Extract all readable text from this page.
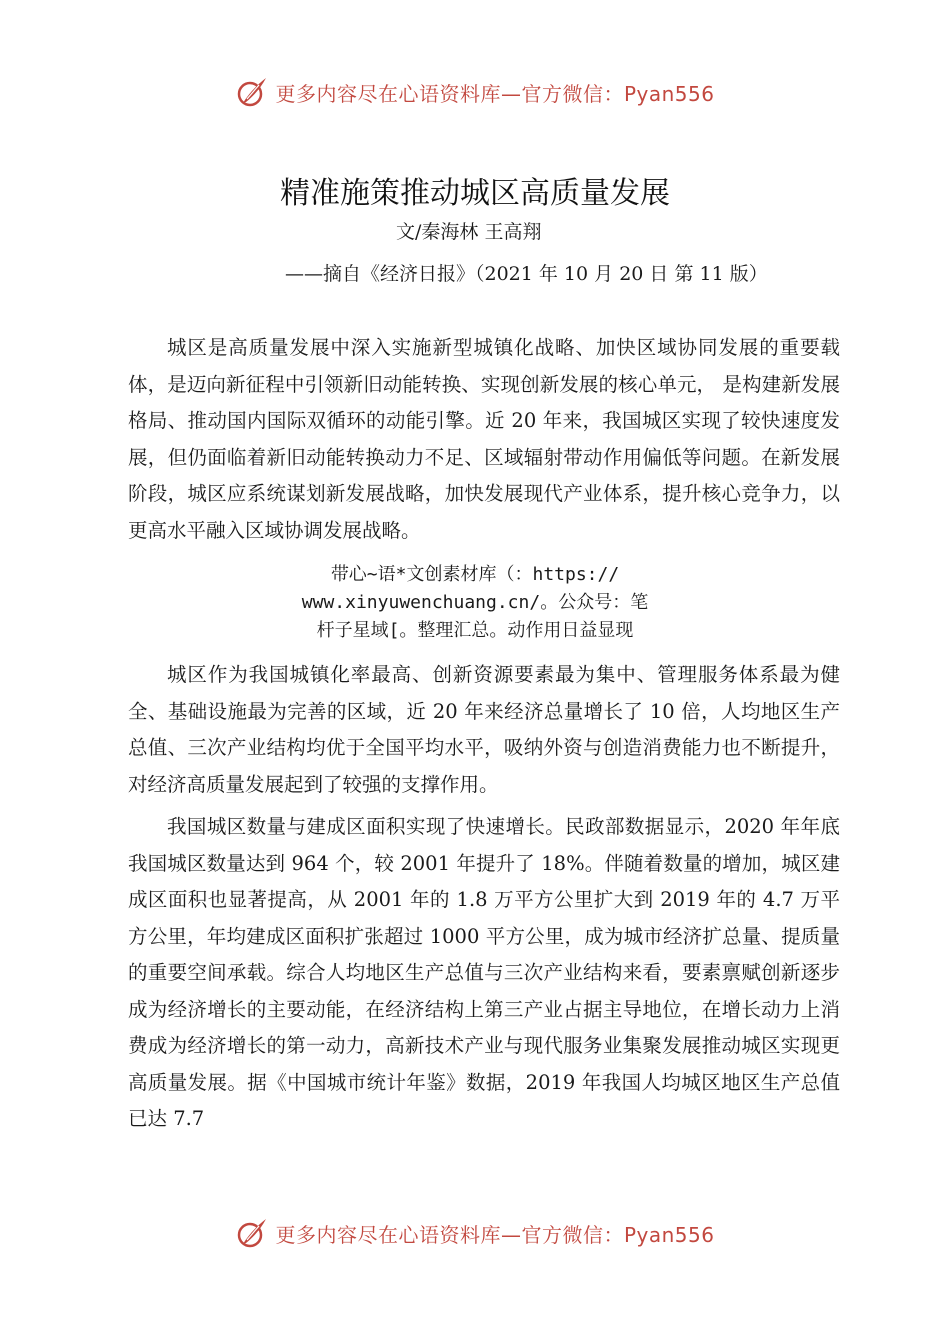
更多内容尽在心语资料库—官方微信：Pyan556
精准施策推动城区高质量发展
文/秦海林 王高翔
——摘自《经济日报》（2021 年 10 月 20 日 第 11 版）

城区是高质量发展中深入实施新型城镇化战略、加快区域协同发展的重要载体，是迈向新征程中引领新旧动能转换、实现创新发展的核心单元， 是构建新发展格局、推动国内国际双循环的动能引擎。近 20 年来，我国城区实现了较快速度发展，但仍面临着新旧动能转换动力不足、区域辐射带动作用偏低等问题。在新发展阶段，城区应系统谋划新发展战略，加快发展现代产业体系，提升核心竞争力，以更高水平融入区域协调发展战略。

带心~语*文创素材库（：https://
www.xinyuwenchuang.cn/。公众号：笔
杆子星域[。整理汇总。动作用日益显现

城区作为我国城镇化率最高、创新资源要素最为集中、管理服务体系最为健全、基础设施最为完善的区域，近 20 年来经济总量增长了 10 倍，人均地区生产总值、三次产业结构均优于全国平均水平，吸纳外资与创造消费能力也不断提升，对经济高质量发展起到了较强的支撑作用。

我国城区数量与建成区面积实现了快速增长。民政部数据显示，2020 年年底我国城区数量达到 964 个，较 2001 年提升了 18%。伴随着数量的增加，城区建成区面积也显著提高，从 2001 年的 1.8 万平方公里扩大到 2019 年的 4.7 万平方公里，年均建成区面积扩张超过 1000 平方公里，成为城市经济扩总量、提质量的重要空间承载。综合人均地区生产总值与三次产业结构来看，要素禀赋创新逐步成为经济增长的主要动能，在经济结构上第三产业占据主导地位，在增长动力上消费成为经济增长的第一动力，高新技术产业与现代服务业集聚发展推动城区实现更高质量发展。据《中国城市统计年鉴》数据，2019 年我国人均城区地区生产总值已达 7.7

更多内容尽在心语资料库—官方微信：Pyan556
